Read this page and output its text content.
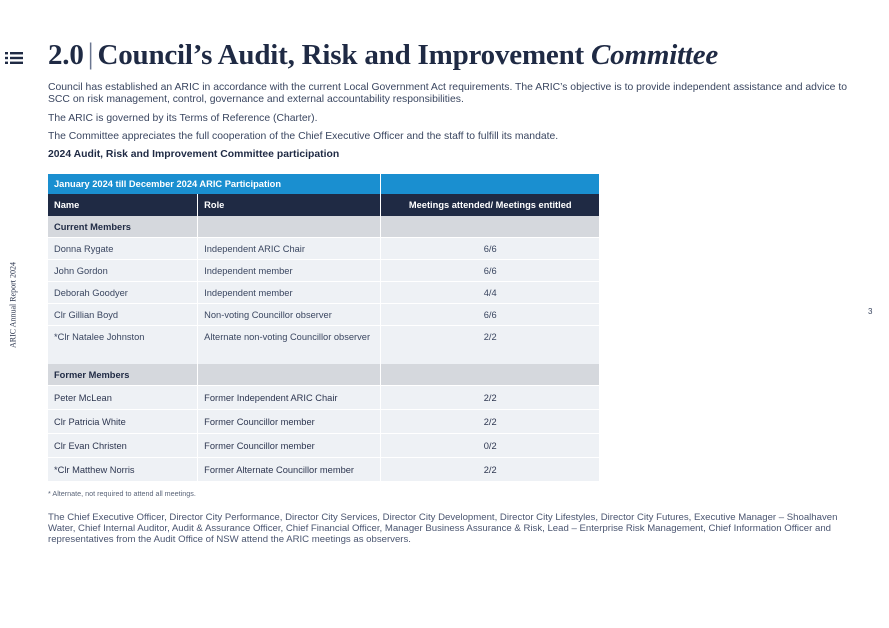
ARIC Annual Report 2024	3
2.0 | Council’s Audit, Risk and Improvement Committee

Council has established an ARIC in accordance with the current Local Government Act requirements. The ARIC’s objective is to provide independent assistance and advice to SCC on risk management, control, governance and external accountability responsibilities.

The ARIC is governed by its Terms of Reference (Charter).

The Committee appreciates the full cooperation of the Chief Executive Officer and the staff to fulfill its mandate.

2024 Audit, Risk and Improvement Committee participation

January 2024 till December 2024 ARIC Participation		
Name	Role	Meetings attended/ Meetings entitled
Current Members		
Donna Rygate	Independent ARIC Chair	6/6
John Gordon	Independent member	6/6
Deborah Goodyer	Independent member	4/4
Clr Gillian Boyd	Non-voting Councillor observer	6/6
*Clr Natalee Johnston	Alternate non-voting Councillor observer	2/2
Former Members		
Peter McLean	Former Independent ARIC Chair	2/2
Clr Patricia White	Former Councillor member	2/2
Clr Evan Christen	Former Councillor member	0/2
*Clr Matthew Norris	Former Alternate Councillor member	2/2

* Alternate, not required to attend all meetings.

The Chief Executive Officer, Director City Performance, Director City Services, Director City Development, Director City Lifestyles, Director City Futures, Executive Manager – Shoalhaven Water, Chief Internal Auditor, Audit & Assurance Officer, Chief Financial Officer, Manager Business Assurance & Risk, Lead – Enterprise Risk Management, Chief Information Officer and representatives from the Audit Office of NSW attend the ARIC meetings as observers.
